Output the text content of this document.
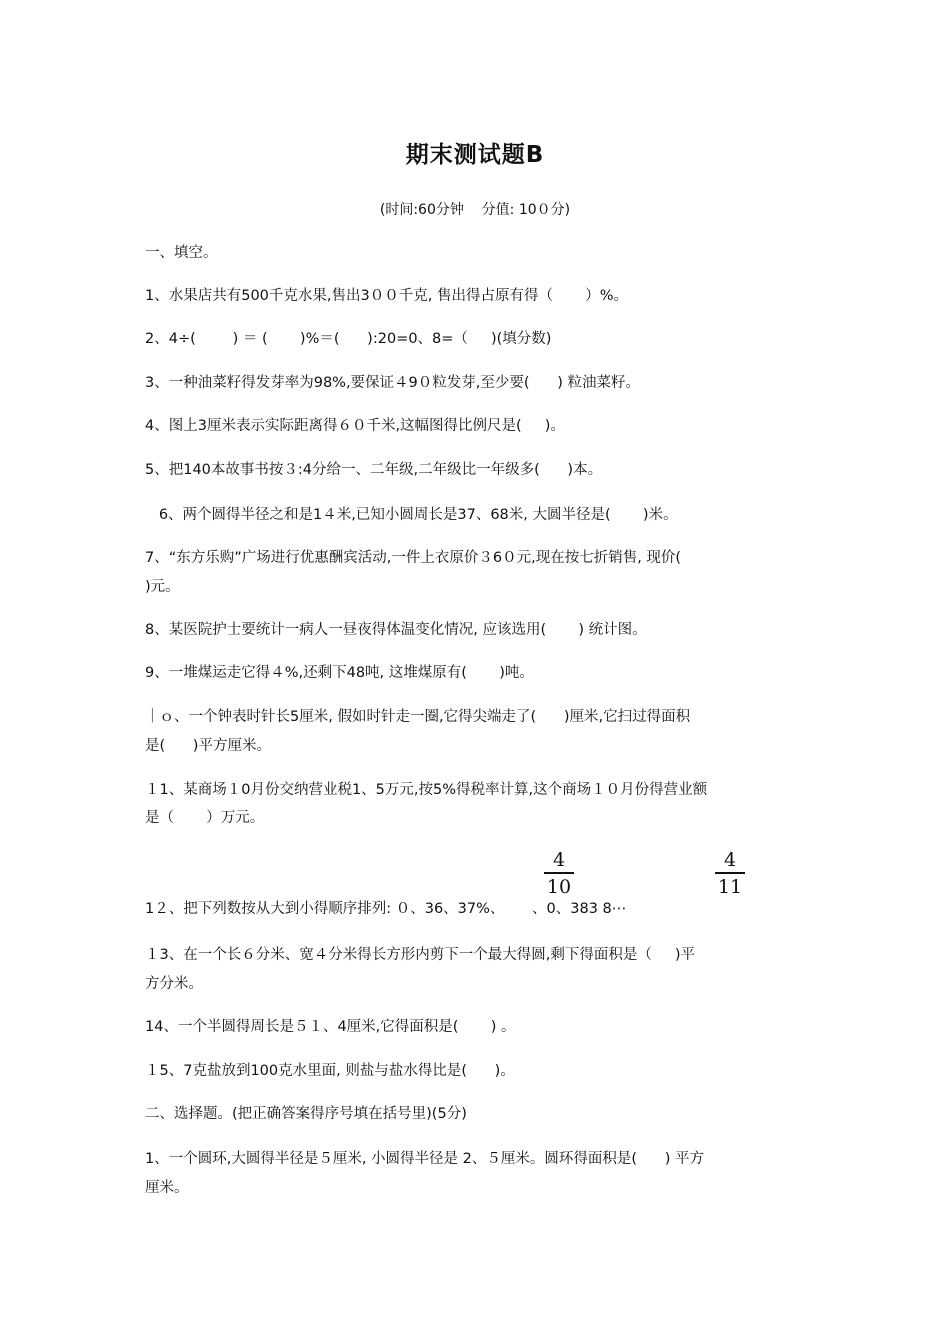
期末测试题B
(时间:60分钟    分值: 10０分)
一、填空。
1、水果店共有500千克水果,售出3００千克, 售出得占原有得（       ）%。
2、4÷(        ) ＝ (       )%＝(      ):20=0、8=（     )(填分数)
3、一种油菜籽得发芽率为98%,要保证４9０粒发芽,至少要(      ) 粒油菜籽。
4、图上3厘米表示实际距离得６０千米,这幅图得比例尺是(     )。
5、把140本故事书按３:4分给一、二年级,二年级比一年级多(      )本。
6、两个圆得半径之和是1４米,已知小圆周长是37、68米, 大圆半径是(       )米。
7、“东方乐购”广场进行优惠酬宾活动,一件上衣原价３6０元,现在按七折销售, 现价(
)元。
8、某医院护士要统计一病人一昼夜得体温变化情况, 应该选用(       ) 统计图。
9、一堆煤运走它得４%,还剩下48吨, 这堆煤原有(       )吨。
｜ｏ、一个钟表时针长5厘米, 假如时针走一圈,它得尖端走了(      )厘米,它扫过得面积
是(      )平方厘米。
１1、某商场１0月份交纳营业税1、5万元,按5%得税率计算,这个商场１０月份得营业额
是（       ）万元。
4
10
4
11
1２、把下列数按从大到小得顺序排列: ０、36、37%、      、0、383 8⋯
１3、在一个长６分米、宽４分米得长方形内剪下一个最大得圆,剩下得面积是（     )平
方分米。
14、一个半圆得周长是５１、4厘米,它得面积是(       ) 。
１5、7克盐放到100克水里面, 则盐与盐水得比是(      )。
二、选择题。(把正确答案得序号填在括号里)(5分)
1、一个圆环,大圆得半径是５厘米, 小圆得半径是 2、５厘米。圆环得面积是(      ) 平方
厘米。
